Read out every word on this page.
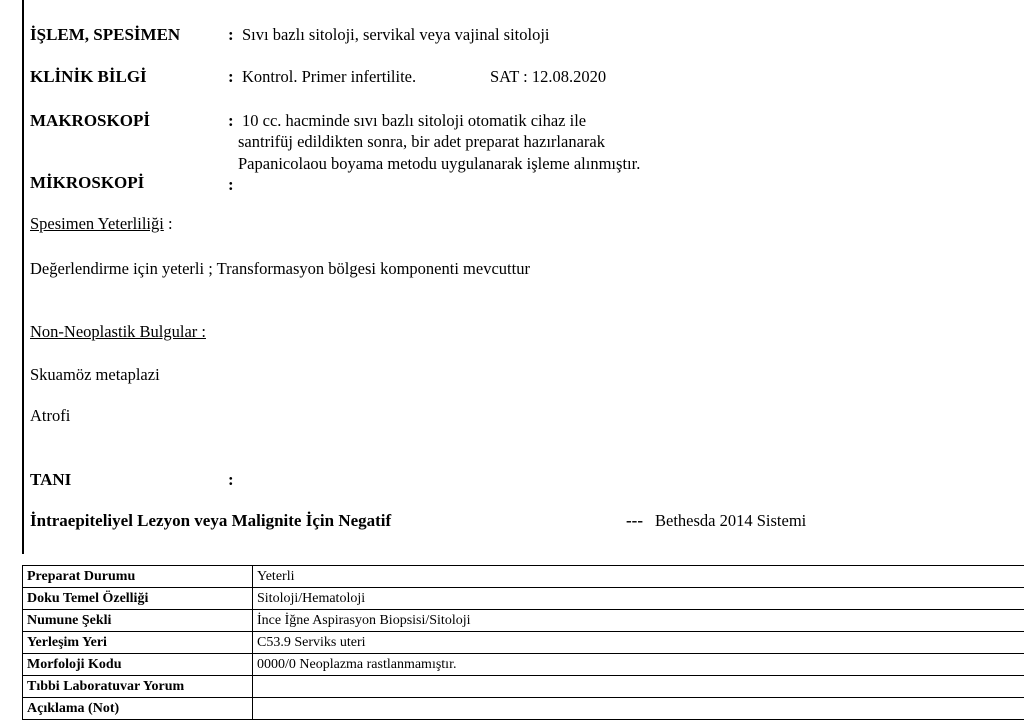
İŞLEM, SPESİMEN	: Sıvı bazlı sitoloji, servikal veya vajinal sitoloji
KLİNİK BİLGİ	: Kontrol. Primer infertilite.	SAT : 12.08.2020
MAKROSKOPİ	: 10 cc. hacminde sıvı bazlı sitoloji otomatik cihaz ile
santrifüj edildikten sonra, bir adet preparat hazırlanarak
Papanicolaou boyama metodu uygulanarak işleme alınmıştır.
MİKROSKOPİ	:
Spesimen Yeterliliği :
Değerlendirme için yeterli ; Transformasyon bölgesi komponenti mevcuttur
Non-Neoplastik Bulgular :
Skuamöz metaplazi
Atrofi
TANI	:
İntraepiteliyel Lezyon veya Malignite İçin Negatif	--- Bethesda 2014 Sistemi
Preparat Durumu	Yeterli
Doku Temel Özelliği	Sitoloji/Hematoloji
Numune Şekli	İnce İğne Aspirasyon Biopsisi/Sitoloji
Yerleşim Yeri	C53.9 Serviks uteri
Morfoloji Kodu	0000/0 Neoplazma rastlanmamıştır.
Tıbbi Laboratuvar Yorum	
Açıklama (Not)	
